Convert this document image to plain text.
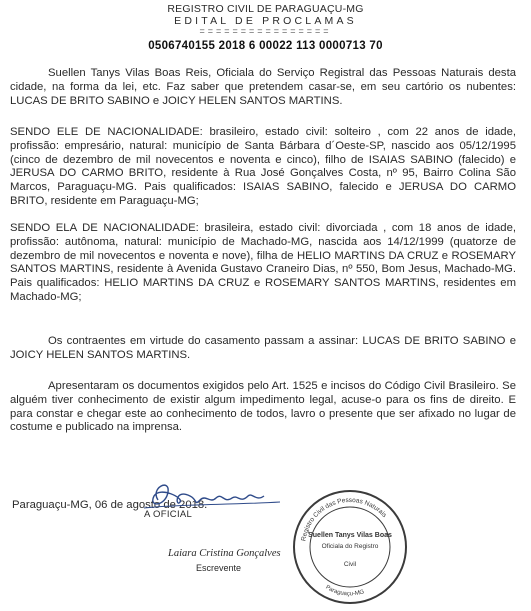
REGISTRO CIVIL DE PARAGUAÇU-MG
EDITAL DE PROCLAMAS
================
0506740155 2018 6 00022 113 0000713 70

Suellen Tanys Vilas Boas Reis, Oficiala do Serviço Registral das Pessoas Naturais desta cidade, na forma da lei, etc. Faz saber que pretendem casar-se, em seu cartório os nubentes: LUCAS DE BRITO SABINO e JOICY HELEN SANTOS MARTINS.

SENDO ELE DE NACIONALIDADE: brasileiro, estado civil: solteiro , com 22 anos de idade, profissão: empresário, natural: município de Santa Bárbara d´Oeste-SP, nascido aos 05/12/1995 (cinco de dezembro de mil novecentos e noventa e cinco), filho de ISAIAS SABINO (falecido) e JERUSA DO CARMO BRITO, residente à Rua José Gonçalves Costa, nº 95, Bairro Colina São Marcos, Paraguaçu-MG. Pais qualificados: ISAIAS SABINO, falecido e JERUSA DO CARMO BRITO, residente em Paraguaçu-MG;

SENDO ELA DE NACIONALIDADE: brasileira, estado civil: divorciada , com 18 anos de idade, profissão: autônoma, natural: município de Machado-MG, nascida aos 14/12/1999 (quatorze de dezembro de mil novecentos e noventa e nove), filha de HELIO MARTINS DA CRUZ e ROSEMARY SANTOS MARTINS, residente à Avenida Gustavo Craneiro Dias, nº 550, Bom Jesus, Machado-MG. Pais qualificados: HELIO MARTINS DA CRUZ e ROSEMARY SANTOS MARTINS, residentes em Machado-MG;

Os contraentes em virtude do casamento passam a assinar: LUCAS DE BRITO SABINO e JOICY HELEN SANTOS MARTINS.

Apresentaram os documentos exigidos pelo Art. 1525 e incisos do Código Civil Brasileiro. Se alguém tiver conhecimento de existir algum impedimento legal, acuse-o para os fins de direito. E para constar e chegar este ao conhecimento de todos, lavro o presente que ser afixado no lugar de costume e publicado na imprensa.

Paraguaçu-MG, 06 de agosto de 2018.
A OFICIAL
Laiara Cristina Gonçalves
Escrevente
Registro Civil das Pessoas Naturais
Paraguaçu-MG
Suellen Tanys Vilas Boas
Oficiala do Registro
Civil
